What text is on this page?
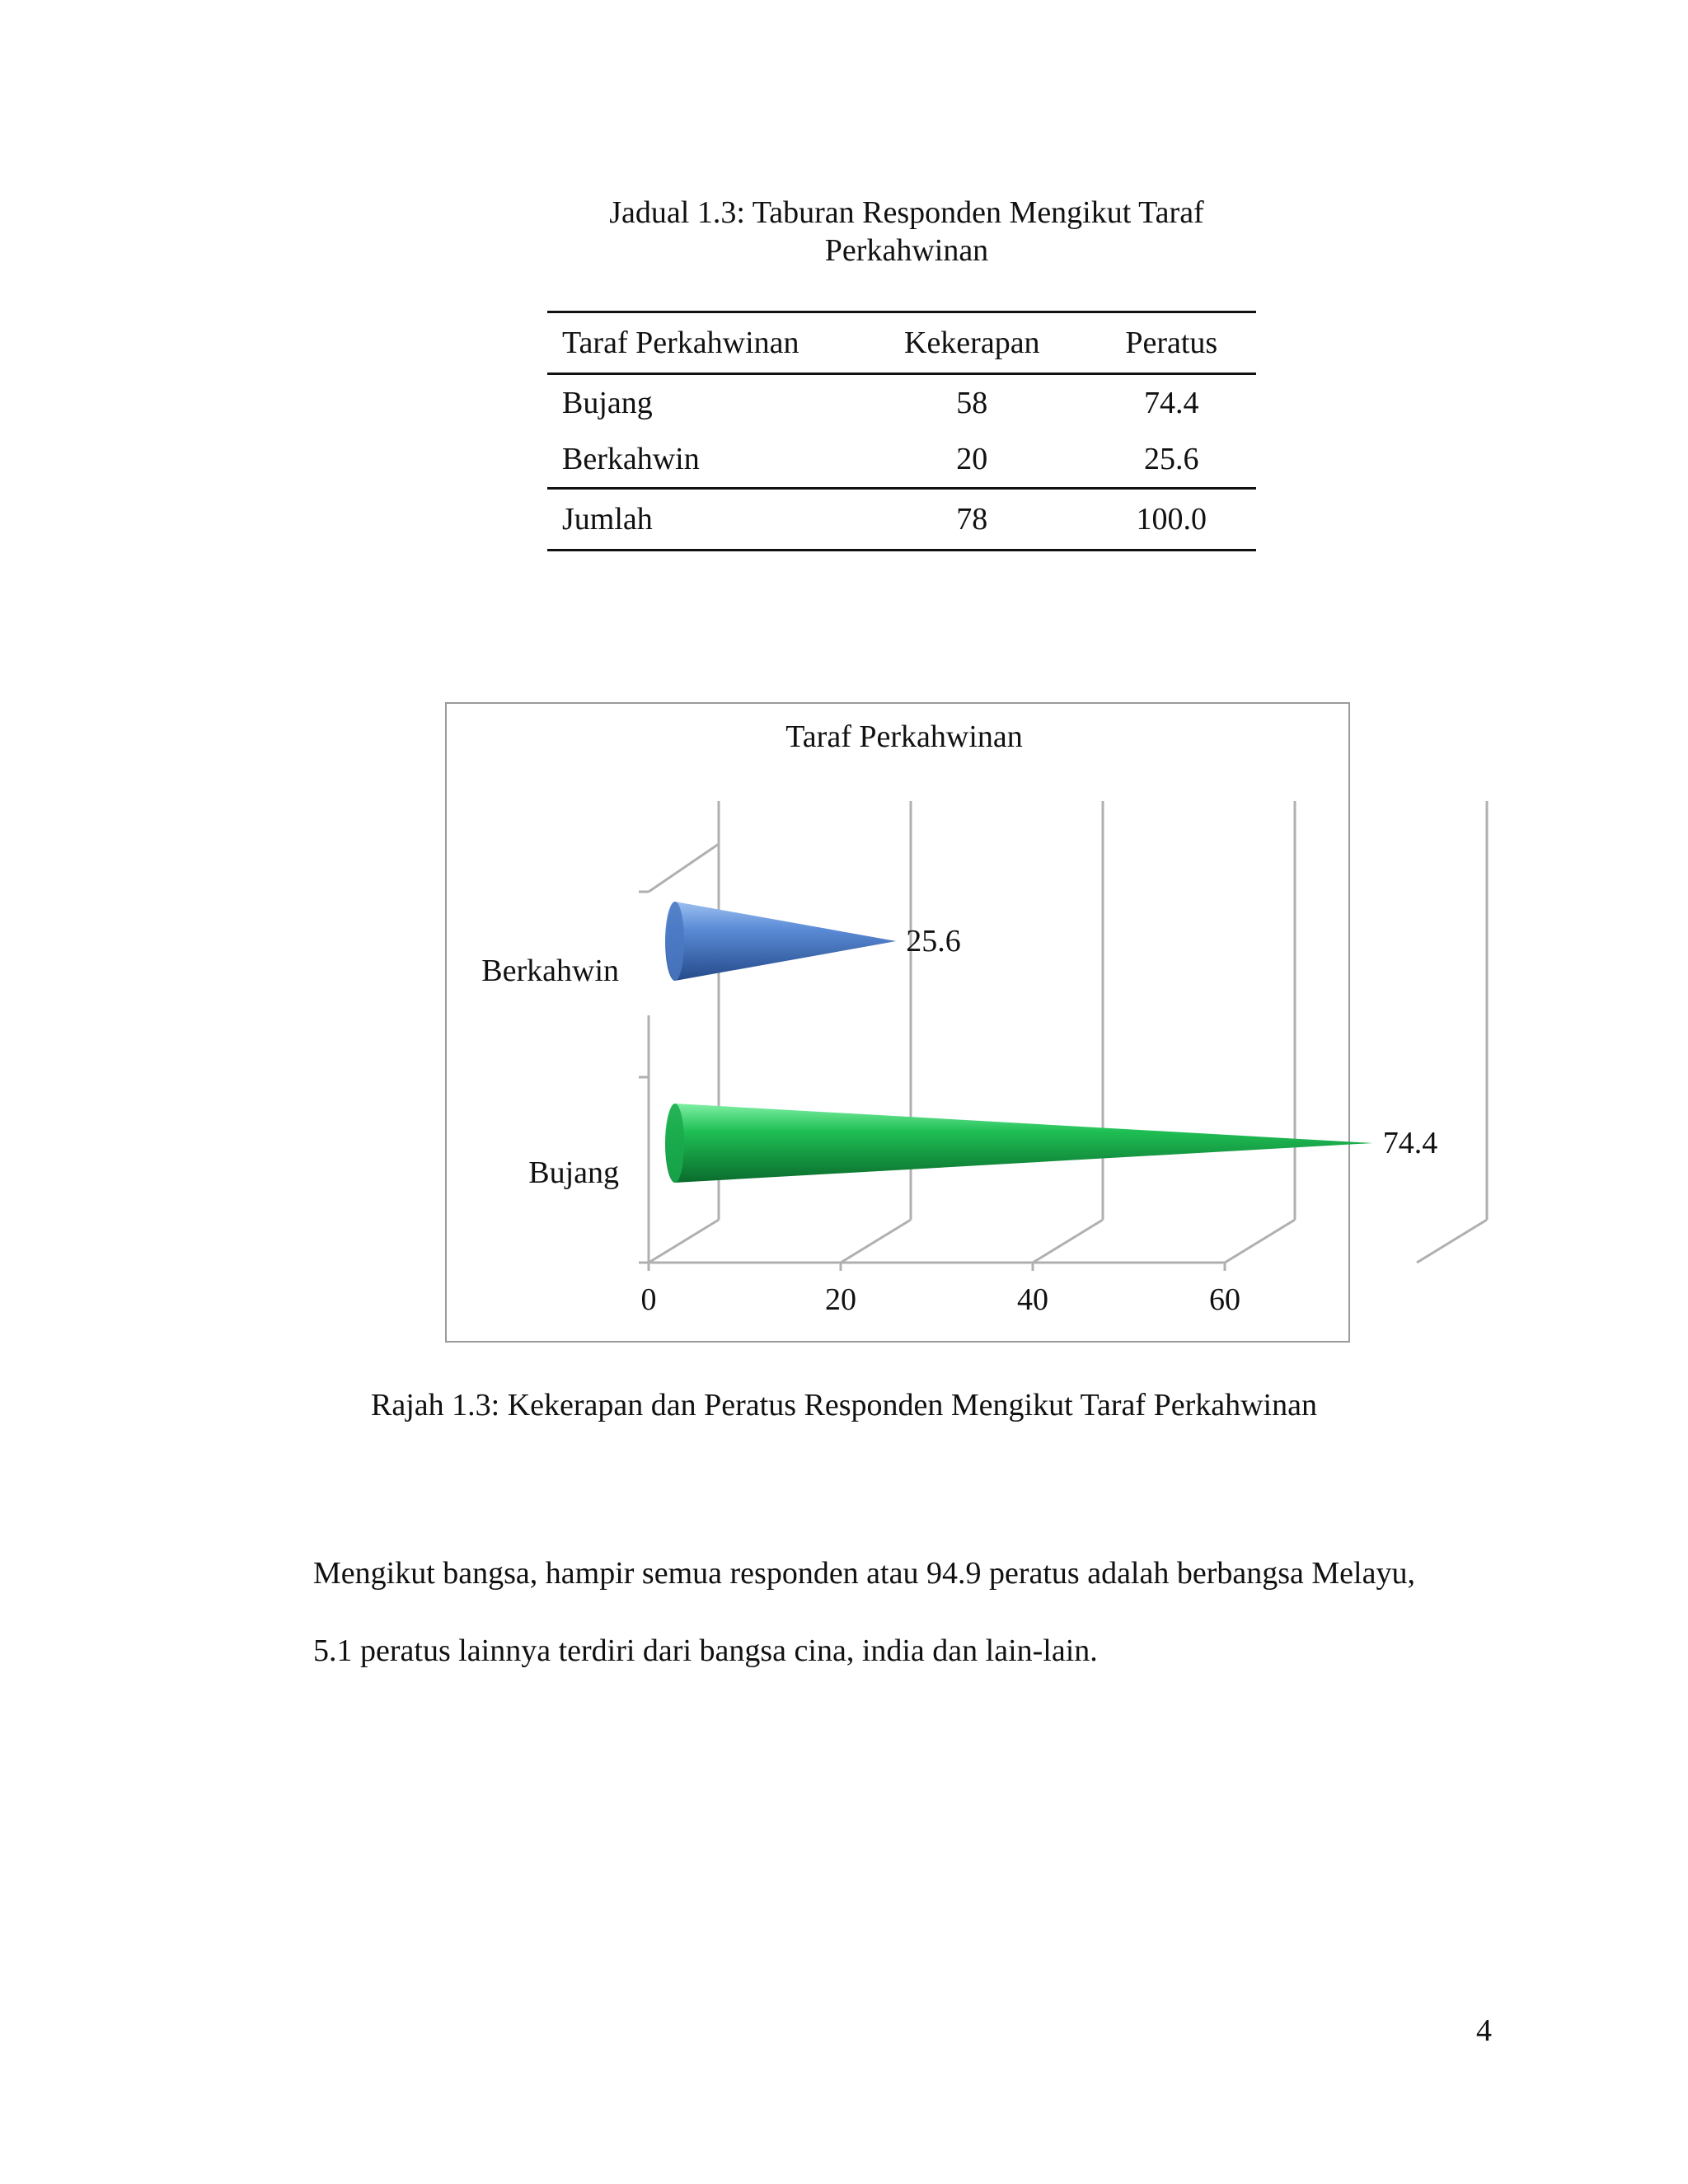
Jadual 1.3: Taburan Responden Mengikut Taraf
Perkahwinan
Taraf Perkahwinan	Kekerapan	Peratus
Bujang	58	74.4
Berkahwin	20	25.6
Jumlah	78	100.0
Taraf Perkahwinan
0	20	40	60
25.6
Berkahwin
74.4
Bujang
Rajah 1.3: Kekerapan dan Peratus Responden Mengikut Taraf Perkahwinan

Mengikut bangsa, hampir semua responden atau 94.9 peratus adalah berbangsa Melayu,

5.1 peratus lainnya terdiri dari bangsa cina, india dan lain-lain.

4
